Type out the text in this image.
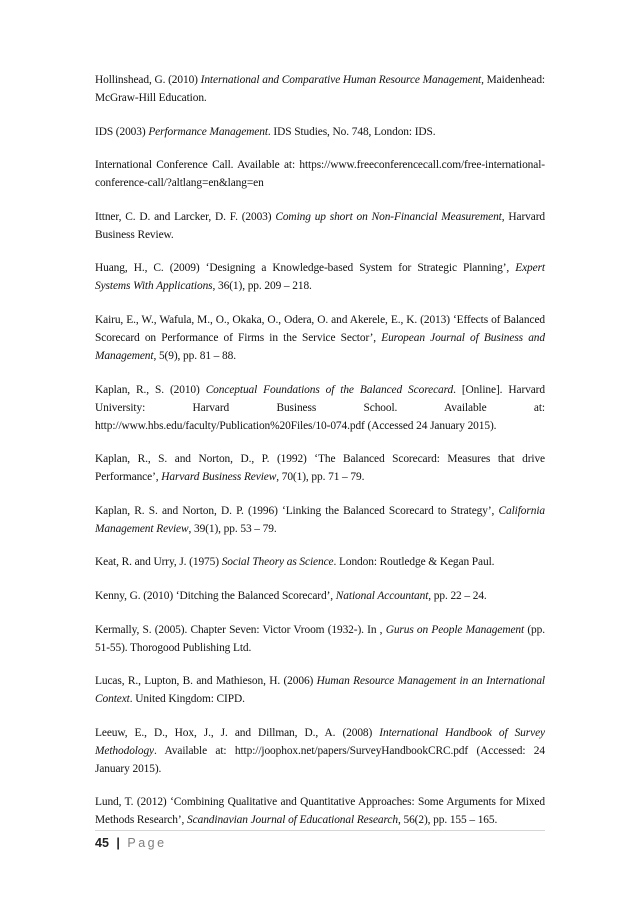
Hollinshead, G. (2010) International and Comparative Human Resource Management, Maidenhead: McGraw-Hill Education.

IDS (2003) Performance Management. IDS Studies, No. 748, London: IDS.

International Conference Call. Available at: https://www.freeconferencecall.com/free-international-conference-call/?altlang=en&lang=en

Ittner, C. D. and Larcker, D. F. (2003) Coming up short on Non-Financial Measurement, Harvard Business Review.

Huang, H., C. (2009) ‘Designing a Knowledge-based System for Strategic Planning’, Expert Systems With Applications, 36(1), pp. 209 – 218.

Kairu, E., W., Wafula, M., O., Okaka, O., Odera, O. and Akerele, E., K. (2013) ‘Effects of Balanced Scorecard on Performance of Firms in the Service Sector’, European Journal of Business and Management, 5(9), pp. 81 – 88.

Kaplan, R., S. (2010) Conceptual Foundations of the Balanced Scorecard. [Online]. Harvard University: Harvard Business School. Available at: http://www.hbs.edu/faculty/Publication%20Files/10-074.pdf (Accessed 24 January 2015).

Kaplan, R., S. and Norton, D., P. (1992) ‘The Balanced Scorecard: Measures that drive Performance’, Harvard Business Review, 70(1), pp. 71 – 79.

Kaplan, R. S. and Norton, D. P. (1996) ‘Linking the Balanced Scorecard to Strategy’, California Management Review, 39(1), pp. 53 – 79.

Keat, R. and Urry, J. (1975) Social Theory as Science. London: Routledge & Kegan Paul.

Kenny, G. (2010) ‘Ditching the Balanced Scorecard’, National Accountant, pp. 22 – 24.

Kermally, S. (2005). Chapter Seven: Victor Vroom (1932-). In , Gurus on People Management (pp. 51-55). Thorogood Publishing Ltd.

Lucas, R., Lupton, B. and Mathieson, H. (2006) Human Resource Management in an International Context. United Kingdom: CIPD.

Leeuw, E., D., Hox, J., J. and Dillman, D., A. (2008) International Handbook of Survey Methodology. Available at: http://joophox.net/papers/SurveyHandbookCRC.pdf (Accessed: 24 January 2015).

Lund, T. (2012) ‘Combining Qualitative and Quantitative Approaches: Some Arguments for Mixed Methods Research’, Scandinavian Journal of Educational Research, 56(2), pp. 155 – 165.

45 | Page
